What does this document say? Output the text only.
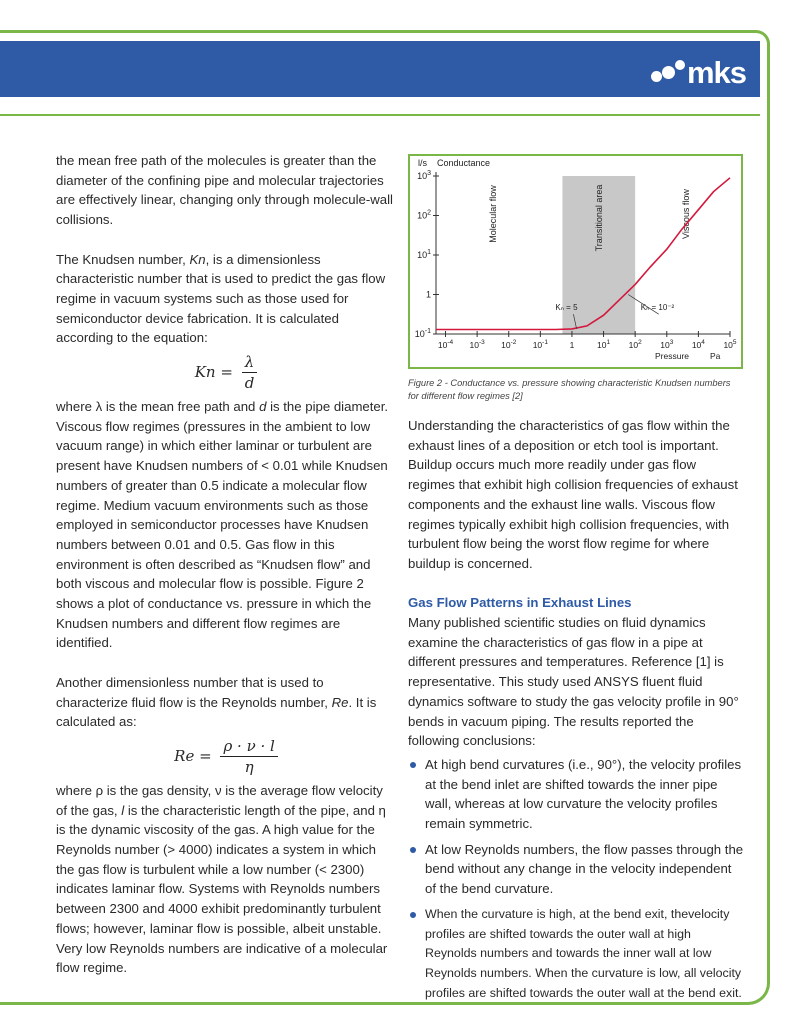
mks

the mean free path of the molecules is greater than the diameter of the confining pipe and molecular trajectories are effectively linear, changing only through molecule-wall collisions.

The Knudsen number, Kn, is a dimensionless characteristic number that is used to predict the gas flow regime in vacuum systems such as those used for semiconductor device fabrication. It is calculated according to the equation:

$Kn = \frac{\lambda}{d}$

where λ is the mean free path and d is the pipe diameter. Viscous flow regimes (pressures in the ambient to low vacuum range) in which either laminar or turbulent are present have Knudsen numbers of < 0.01 while Knudsen numbers of greater than 0.5 indicate a molecular flow regime. Medium vacuum environments such as those employed in semiconductor processes have Knudsen numbers between 0.01 and 0.5. Gas flow in this environment is often described as “Knudsen flow” and both viscous and molecular flow is possible. Figure 2 shows a plot of conductance vs. pressure in which the Knudsen numbers and different flow regimes are identified.

Another dimensionless number that is used to characterize fluid flow is the Reynolds number, Re. It is calculated as:

$Re = \frac{\rho \cdot \nu \cdot l}{\eta}$

where ρ is the gas density, ν is the average flow velocity of the gas, l is the characteristic length of the pipe, and η is the dynamic viscosity of the gas. A high value for the Reynolds number (> 4000) indicates a system in which the gas flow is turbulent while a low number (< 2300) indicates laminar flow. Systems with Reynolds numbers between 2300 and 4000 exhibit predominantly turbulent flows; however, laminar flow is possible, albeit unstable. Very low Reynolds numbers are indicative of a molecular flow regime.

$10^{-1}$
1
$10^1$
$10^2$
$10^3$
$10^{-4}$ $10^{-3}$ $10^{-2}$ $10^{-1}$	1	$10^1$ $10^2$ $10^3$ $10^4$ $10^5$
l/s Conductance
Pressure Pa
Molecular flow	Viscous flow
Transitional area
Kₙ = 5	Kₙ = 10⁻²
Figure 2 - Conductance vs. pressure showing characteristic Knudsen numbers for different flow regimes [2]

Understanding the characteristics of gas flow within the exhaust lines of a deposition or etch tool is important. Buildup occurs much more readily under gas flow regimes that exhibit high collision frequencies of exhaust components and the exhaust line walls. Viscous flow regimes typically exhibit high collision frequencies, with turbulent flow being the worst flow regime for where buildup is concerned.

Gas Flow Patterns in Exhaust Lines

Many published scientific studies on fluid dynamics examine the characteristics of gas flow in a pipe at different pressures and temperatures. Reference [1] is representative. This study used ANSYS fluent fluid dynamics software to study the gas velocity profile in 90° bends in vacuum piping. The results reported the following conclusions:

At high bend curvatures (i.e., 90°), the velocity profiles at the bend inlet are shifted towards the inner pipe wall, whereas at low curvature the velocity profiles remain symmetric.
At low Reynolds numbers, the flow passes through the bend without any change in the velocity independent of the bend curvature.
When the curvature is high, at the bend exit, thevelocity profiles are shifted towards the outer wall at high Reynolds numbers and towards the inner wall at low Reynolds numbers. When the curvature is low, all velocity profiles are shifted towards the outer wall at the bend exit.
